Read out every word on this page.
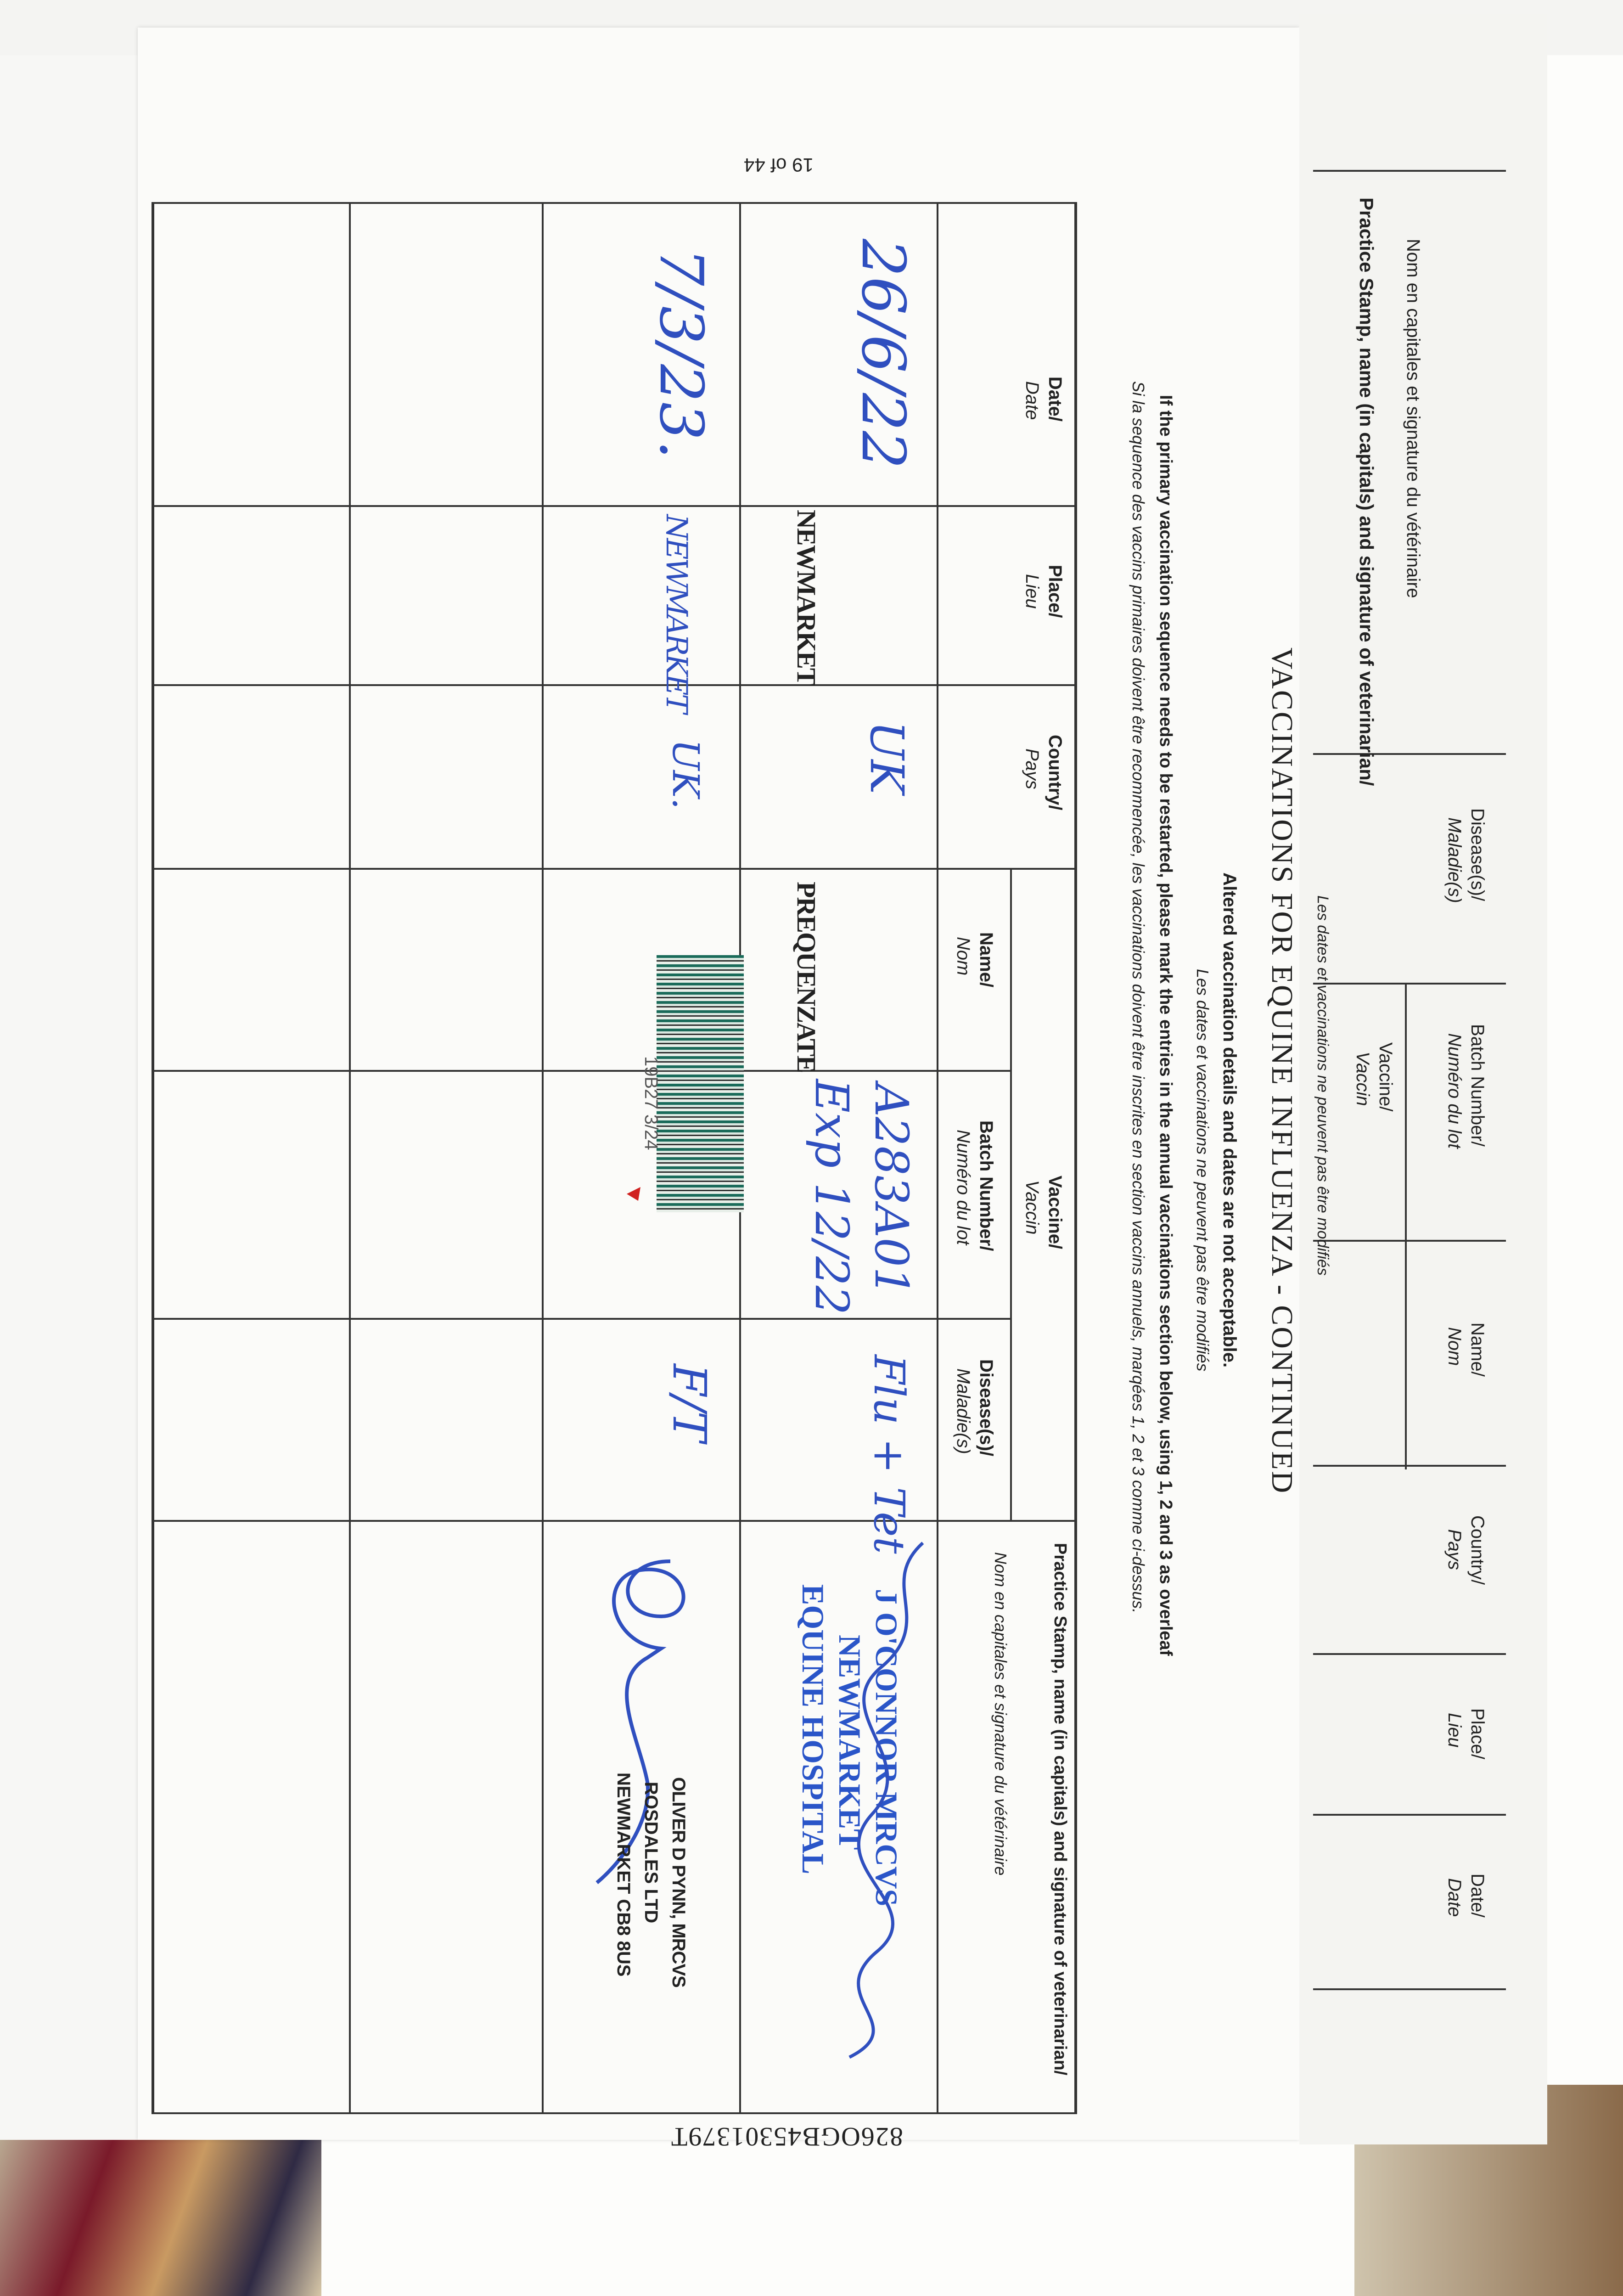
19 of 44
826OGB45301379T
VACCINATIONS FOR EQUINE INFLUENZA - CONTINUED
Altered vaccination details and dates are not acceptable.
Les dates et vaccinations ne peuvent pas être modifiés
If the primary vaccination sequence needs to be restarted, please mark the entries in the annual vaccinations section below, using 1, 2 and 3 as overleaf
Si la sequence des vaccins primaires doivent être recommencée, les vaccinations doivent être inscrites en section vaccins annuels, marqées 1, 2 et 3 comme ci-dessus.
Date/
Date
Place/
Lieu
Country/
Pays
Vaccine/
Vaccin
Name/
Nom
Batch Number/
Numéro du lot
Disease(s)/
Maladie(s)
Practice Stamp, name (in capitals) and signature of veterinarian/
Nom en capitales et signature du vétérinaire
26/6/22
NEWMARKET
UK
PREQUENZATE
A283A01
Exp 12/22
Flu + Tet
J O'CONNOR MRCVS
NEWMARKET
EQUINE HOSPITAL
7/3/23.
NEWMARKET
UK.
19B27 3/24
F/T
OLIVER D PYNN, MRCVS
ROSDALES LTD
NEWMARKET CB8 8US
Practice Stamp, name (in capitals) and signature of veterinarian/ Nom en capitales et signature du vétérinaire
Disease(s)/
Maladie(s)
Vaccine/
Vaccin	Batch Number/
Numéro du lot
Name/
Nom
Country/
Pays
Place/
Lieu
Date/
Date
Les dates et vaccinations ne peuvent pas être modifiés
